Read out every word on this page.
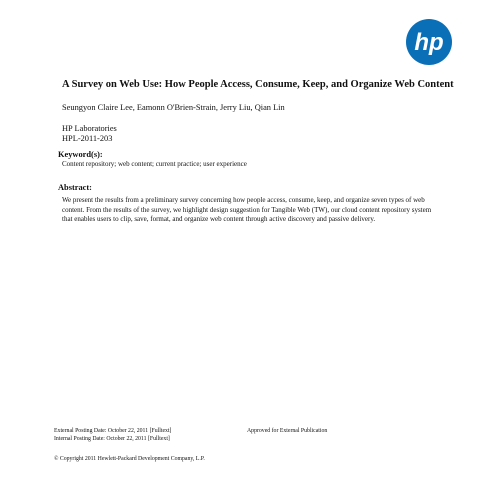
hp
A Survey on Web Use: How People Access, Consume, Keep, and Organize Web Content
Seungyon Claire Lee, Eamonn O'Brien-Strain, Jerry Liu, Qian Lin
HP Laboratories
HPL-2011-203
Keyword(s):
Content repository; web content; current practice; user experience
Abstract:

We present the results from a preliminary survey concerning how people access, consume, keep, and organize seven types of web content. From the results of the survey, we highlight design suggestion for Tangible Web (TW), our cloud content repository system that enables users to clip, save, format, and organize web content through active discovery and passive delivery.

External Posting Date: October 22, 2011 [Fulltext]
Internal Posting Date: October 22, 2011 [Fulltext]
Approved for External Publication
© Copyright 2011 Hewlett-Packard Development Company, L.P.
